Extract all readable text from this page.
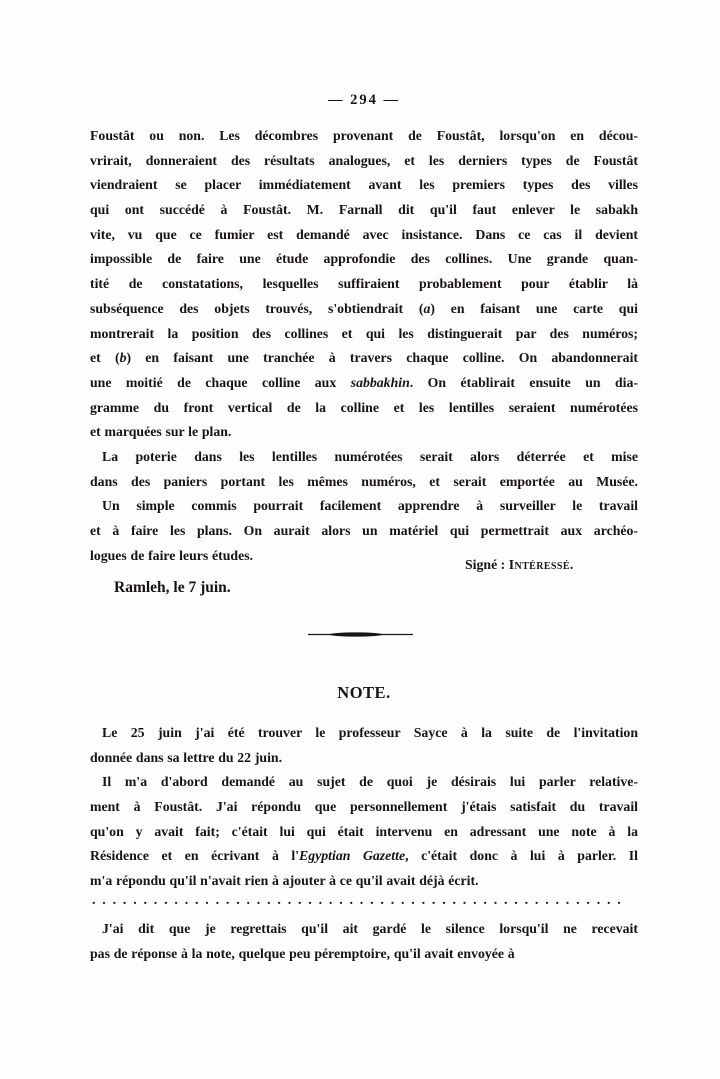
— 294 —
Foustât ou non. Les décombres provenant de Foustât, lorsqu'on en décou-
vrirait, donneraient des résultats analogues, et les derniers types de Foustât
viendraient se placer immédiatement avant les premiers types des villes
qui ont succédé à Foustât. M. Farnall dit qu'il faut enlever le sabakh
vite, vu que ce fumier est demandé avec insistance. Dans ce cas il devient
impossible de faire une étude approfondie des collines. Une grande quan-
tité de constatations, lesquelles suffiraient probablement pour établir là
subséquence des objets trouvés, s'obtiendrait (a) en faisant une carte qui
montrerait la position des collines et qui les distinguerait par des numéros;
et (b) en faisant une tranchée à travers chaque colline. On abandonnerait
une moitié de chaque colline aux sabbakhin. On établirait ensuite un dia-
gramme du front vertical de la colline et les lentilles seraient numérotées
et marquées sur le plan.
La poterie dans les lentilles numérotées serait alors déterrée et mise
dans des paniers portant les mêmes numéros, et serait emportée au Musée.
Un simple commis pourrait facilement apprendre à surveiller le travail
et à faire les plans. On aurait alors un matériel qui permettrait aux archéo-
logues de faire leurs études.
Signé : Intéressé.
Ramleh, le 7 juin.
NOTE.
Le 25 juin j'ai été trouver le professeur Sayce à la suite de l'invitation
donnée dans sa lettre du 22 juin.
Il m'a d'abord demandé au sujet de quoi je désirais lui parler relative-
ment à Foustât. J'ai répondu que personnellement j'étais satisfait du travail
qu'on y avait fait; c'était lui qui était intervenu en adressant une note à la
Résidence et en écrivant à l'Egyptian Gazette, c'était donc à lui à parler. Il
m'a répondu qu'il n'avait rien à ajouter à ce qu'il avait déjà écrit.
....................................................
J'ai dit que je regrettais qu'il ait gardé le silence lorsqu'il ne recevait
pas de réponse à la note, quelque peu péremptoire, qu'il avait envoyée à
